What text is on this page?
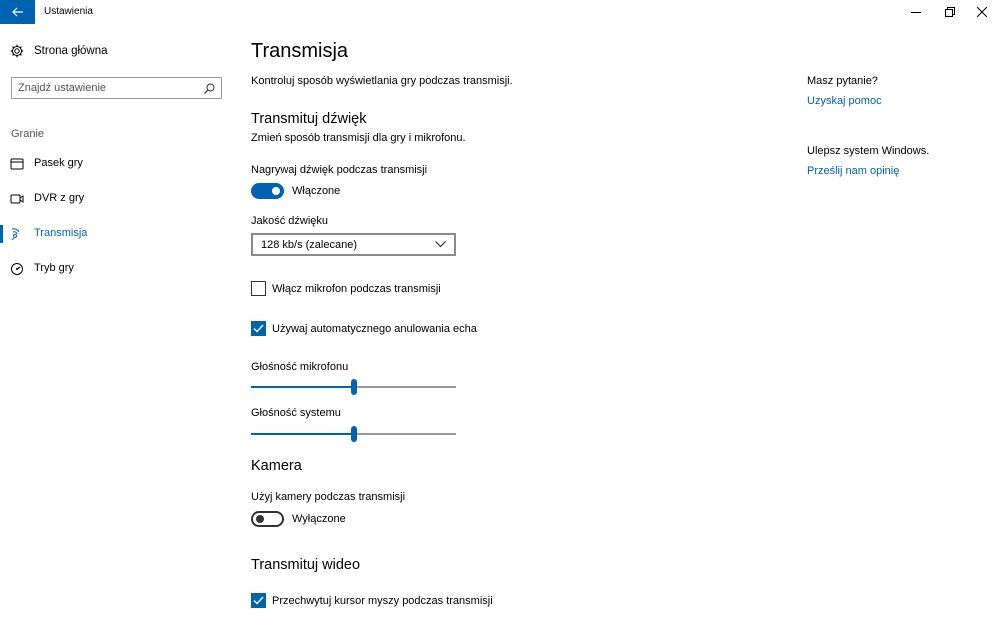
Ustawienia
Strona główna
Znajdź ustawienie
Granie
Pasek gry
DVR z gry
Transmisja
Tryb gry
Transmisja
Kontroluj sposób wyświetlania gry podczas transmisji.
Transmituj dźwięk
Zmień sposób transmisji dla gry i mikrofonu.
Nagrywaj dźwięk podczas transmisji
Włączone
Jakość dźwięku
128 kb/s (zalecane)
Włącz mikrofon podczas transmisji
Używaj automatycznego anulowania echa
Głośność mikrofonu
Głośność systemu
Kamera
Użyj kamery podczas transmisji
Wyłączone
Transmituj wideo
Przechwytuj kursor myszy podczas transmisji
Masz pytanie?
Uzyskaj pomoc
Ulepsz system Windows.
Prześlij nam opinię
